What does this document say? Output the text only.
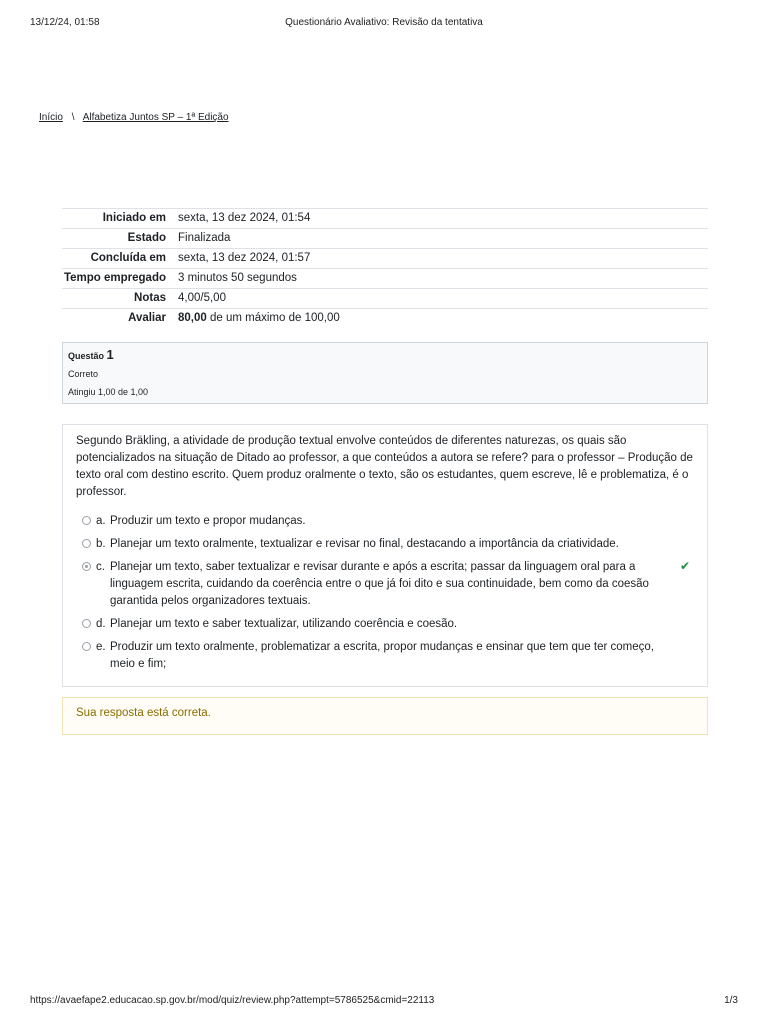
13/12/24, 01:58	Questionário Avaliativo: Revisão da tentativa
Início \ Alfabetiza Juntos SP – 1ª Edição
Iniciado em	sexta, 13 dez 2024, 01:54
Estado	Finalizada
Concluída em	sexta, 13 dez 2024, 01:57
Tempo empregado	3 minutos 50 segundos
Notas	4,00/5,00
Avaliar	80,00 de um máximo de 100,00
Questão 1
Correto
Atingiu 1,00 de 1,00
Segundo Bräkling, a atividade de produção textual envolve conteúdos de diferentes naturezas, os quais são potencializados na situação de Ditado ao professor, a que conteúdos a autora se refere? para o professor – Produção de texto oral com destino escrito. Quem produz oralmente o texto, são os estudantes, quem escreve, lê e problematiza, é o professor.
a. Produzir um texto e propor mudanças.
b. Planejar um texto oralmente, textualizar e revisar no final, destacando a importância da criatividade.
c. Planejar um texto, saber textualizar e revisar durante e após a escrita; passar da linguagem oral para a linguagem escrita, cuidando da coerência entre o que já foi dito e sua continuidade, bem como da coesão garantida pelos organizadores textuais.
✔
d. Planejar um texto e saber textualizar, utilizando coerência e coesão.
e. Produzir um texto oralmente, problematizar a escrita, propor mudanças e ensinar que tem que ter começo, meio e fim;
Sua resposta está correta.
https://avaefape2.educacao.sp.gov.br/mod/quiz/review.php?attempt=5786525&cmid=22113	1/3
